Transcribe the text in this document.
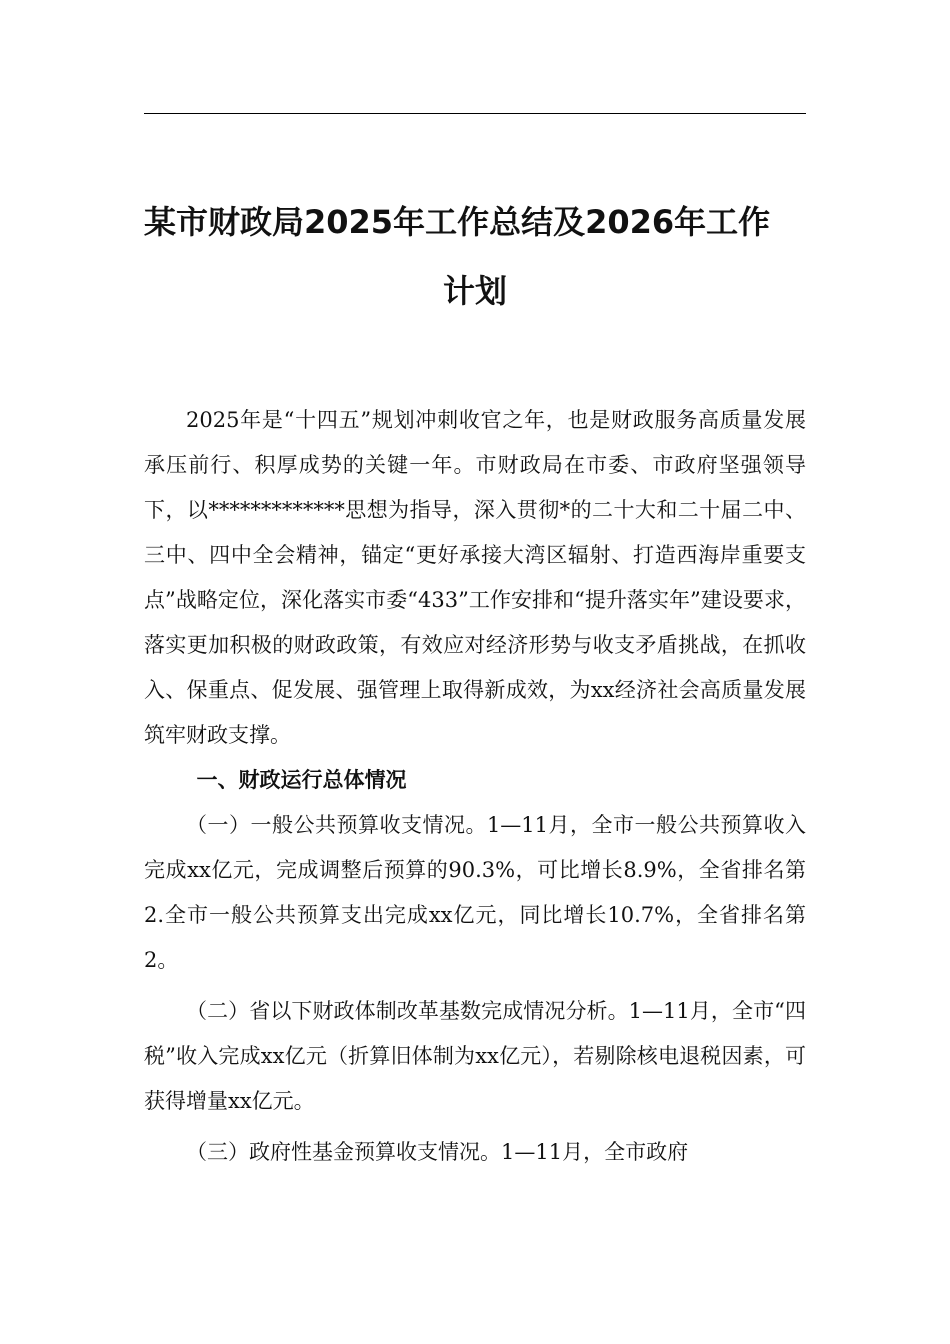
某市财政局2025年工作总结及2026年工作
计划

2025年是“十四五”规划冲刺收官之年，也是财政服务高质量发展承压前行、积厚成势的关键一年。市财政局在市委、市政府坚强领导下，以*************思想为指导，深入贯彻*的二十大和二十届二中、三中、四中全会精神，锚定“更好承接大湾区辐射、打造西海岸重要支点”战略定位，深化落实市委“433”工作安排和“提升落实年”建设要求，落实更加积极的财政政策，有效应对经济形势与收支矛盾挑战，在抓收入、保重点、促发展、强管理上取得新成效，为xx经济社会高质量发展筑牢财政支撑。

一、财政运行总体情况

（一）一般公共预算收支情况。1—11月，全市一般公共预算收入完成xx亿元，完成调整后预算的90.3%，可比增长8.9%，全省排名第2.全市一般公共预算支出完成xx亿元，同比增长10.7%，全省排名第2。

（二）省以下财政体制改革基数完成情况分析。1—11月，全市“四税”收入完成xx亿元（折算旧体制为xx亿元），若剔除核电退税因素，可获得增量xx亿元。

（三）政府性基金预算收支情况。1—11月，全市政府
